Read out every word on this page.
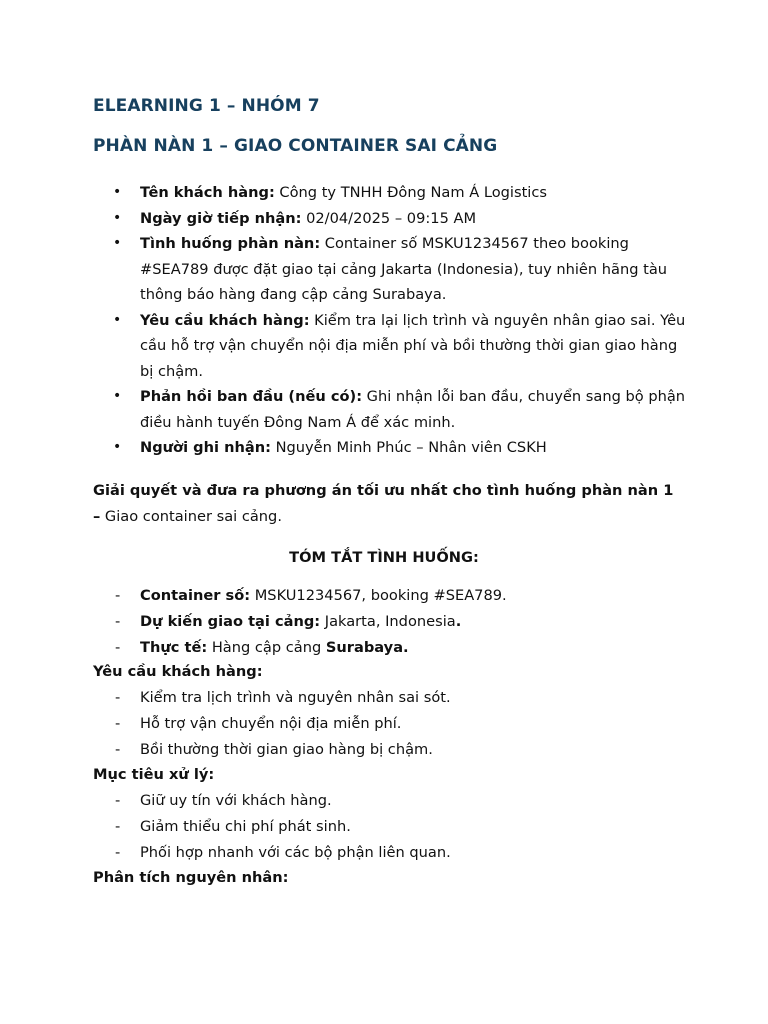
ELEARNING 1 – NHÓM 7
PHÀN NÀN 1 – GIAO CONTAINER SAI CẢNG
• Tên khách hàng: Công ty TNHH Đông Nam Á Logistics
• Ngày giờ tiếp nhận: 02/04/2025 – 09:15 AM
• Tình huống phàn nàn: Container số MSKU1234567 theo booking #SEA789 được đặt giao tại cảng Jakarta (Indonesia), tuy nhiên hãng tàu thông báo hàng đang cập cảng Surabaya.
• Yêu cầu khách hàng: Kiểm tra lại lịch trình và nguyên nhân giao sai. Yêu cầu hỗ trợ vận chuyển nội địa miễn phí và bồi thường thời gian giao hàng bị chậm.
• Phản hồi ban đầu (nếu có): Ghi nhận lỗi ban đầu, chuyển sang bộ phận điều hành tuyến Đông Nam Á để xác minh.
• Người ghi nhận: Nguyễn Minh Phúc – Nhân viên CSKH

Giải quyết và đưa ra phương án tối ưu nhất cho tình huống phàn nàn 1 – Giao container sai cảng.

TÓM TẮT TÌNH HUỐNG:

- Container số: MSKU1234567, booking #SEA789.
- Dự kiến giao tại cảng: Jakarta, Indonesia.
- Thực tế: Hàng cập cảng Surabaya.

Yêu cầu khách hàng:

- Kiểm tra lịch trình và nguyên nhân sai sót.
- Hỗ trợ vận chuyển nội địa miễn phí.
- Bồi thường thời gian giao hàng bị chậm.

Mục tiêu xử lý:

- Giữ uy tín với khách hàng.
- Giảm thiểu chi phí phát sinh.
- Phối hợp nhanh với các bộ phận liên quan.

Phân tích nguyên nhân:
